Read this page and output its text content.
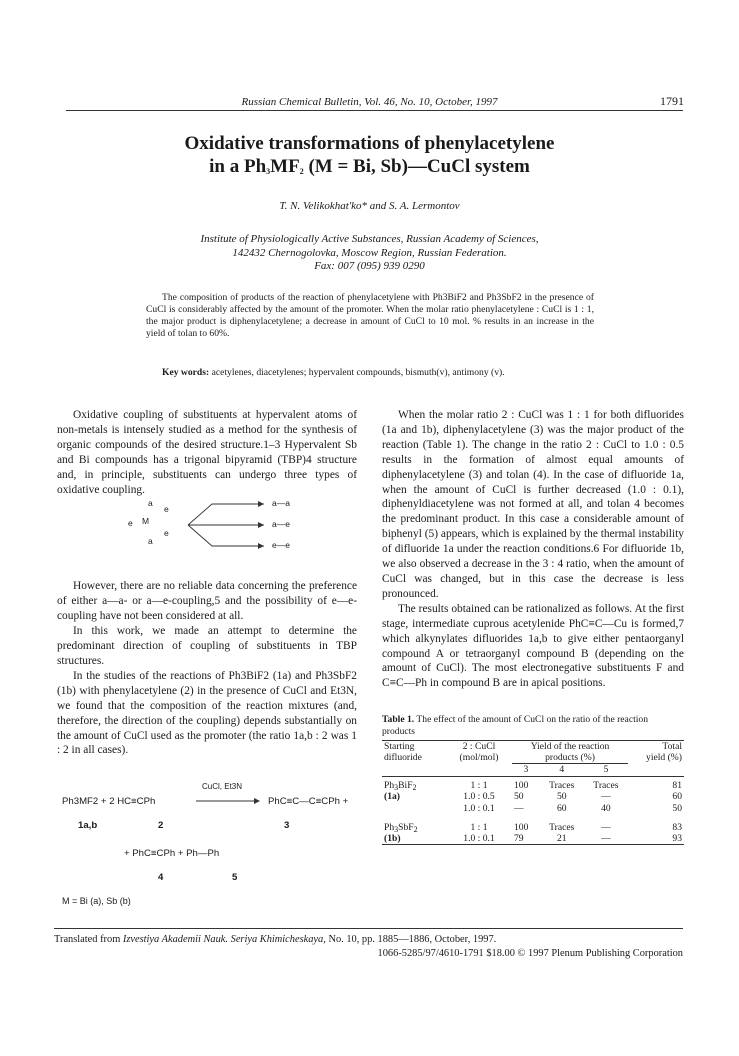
Russian Chemical Bulletin, Vol. 46, No. 10, October, 1997	1791
Oxidative transformations of phenylacetylene
in a $Ph_3MF_2$ (M = Bi, Sb)—CuCl system
T. N. Velikokhat'ko* and S. A. Lermontov
Institute of Physiologically Active Substances, Russian Academy of Sciences,
142432 Chernogolovka, Moscow Region, Russian Federation.
Fax: 007 (095) 939 0290
The composition of products of the reaction of phenylacetylene with Ph3BiF2 and Ph3SbF2 in the presence of CuCl is considerably affected by the amount of the promoter. When the molar ratio phenylacetylene : CuCl is 1 : 1, the major product is diphenylacetylene; a decrease in amount of CuCl to 10 mol. % results in an increase in the yield of tolan to 60%.
Key words: acetylenes, diacetylenes; hypervalent compounds, bismuth(v), antimony (v).

Oxidative coupling of substituents at hypervalent atoms of non-metals is intensely studied as a method for the synthesis of organic compounds of the desired structure.1–3 Hypervalent Sb and Bi compounds has a trigonal bipyramid (TBP)4 structure and, in principle, substituents can undergo three types of oxidative coupling.

However, there are no reliable data concerning the preference of either a—a- or a—e-coupling,5 and the possibility of e—e-coupling have not been considered at all.

In this work, we made an attempt to determine the predominant direction of coupling of substituents in TBP structures.

In the studies of the reactions of Ph3BiF2 (1a) and Ph3SbF2 (1b) with phenylacetylene (2) in the presence of CuCl and Et3N, we found that the composition of the reaction mixtures (and, therefore, the direction of the coupling) depends substantially on the amount of CuCl used as the promoter (the ratio 1a,b : 2 was 1 : 2 in all cases).

a
e
e M
e
a
a—a
a—e
e—e
Ph3MF2 + 2 HC≡CPh
CuCl, Et3N
PhC≡C—C≡CPh +
1a,b	2	3
+ PhC≡CPh + Ph—Ph
4	5
M = Bi (a), Sb (b)

When the molar ratio 2 : CuCl was 1 : 1 for both difluorides (1a and 1b), diphenylacetylene (3) was the major product of the reaction (Table 1). The change in the ratio 2 : CuCl to 1.0 : 0.5 results in the formation of almost equal amounts of diphenylacetylene (3) and tolan (4). In the case of difluoride 1a, when the amount of CuCl is further decreased (1.0 : 0.1), diphenyldiacetylene was not formed at all, and tolan 4 becomes the predominant product. In this case a considerable amount of biphenyl (5) appears, which is explained by the thermal instability of difluoride 1a under the reaction conditions.6 For difluoride 1b, we also observed a decrease in the 3 : 4 ratio, when the amount of CuCl was changed, but in this case the decrease is less pronounced.

The results obtained can be rationalized as follows. At the first stage, intermediate cuprous acetylenide PhC≡C—Cu is formed,7 which alkynylates difluorides 1a,b to give either pentaorganyl compound A or tetraorganyl compound B (depending on the amount of CuCl). The most electronegative substituents F and C≡C—Ph in compound B are in apical positions.

Table 1. The effect of the amount of CuCl on the ratio of the reaction products
Starting
difluoride	2 : CuCl
(mol/mol)	Yield of the reaction
products (%)			Total
yield (%)
		3	4	5	

$Ph_3BiF_2$	1 : 1	100	Traces	Traces	81
(1a)	1.0 : 0.5	50	50	—	60
	1.0 : 0.1	—	60	40	50

$Ph_3SbF_2$	1 : 1	100	Traces	—	83
(1b)	1.0 : 0.1	79	21	—	93
Translated from Izvestiya Akademii Nauk. Seriya Khimicheskaya, No. 10, pp. 1885—1886, October, 1997.
1066-5285/97/4610-1791 $18.00 © 1997 Plenum Publishing Corporation
